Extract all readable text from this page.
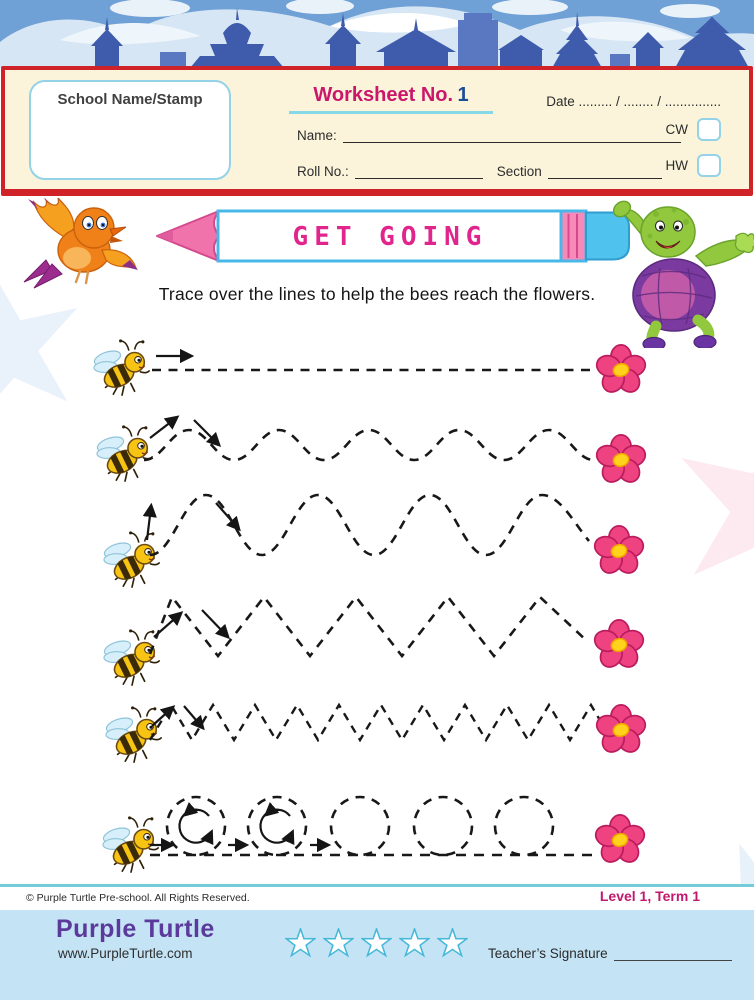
School Name/Stamp	Worksheet No. 1	Date ......... / ........ / ...............
Name:
Roll No.:	Section
CW
HW
GET GOING
Trace over the lines to help the bees reach the flowers.
© Purple Turtle Pre-school. All Rights Reserved.	Level 1, Term 1
Purple Turtle
www.PurpleTurtle.com	Teacher’s Signature
